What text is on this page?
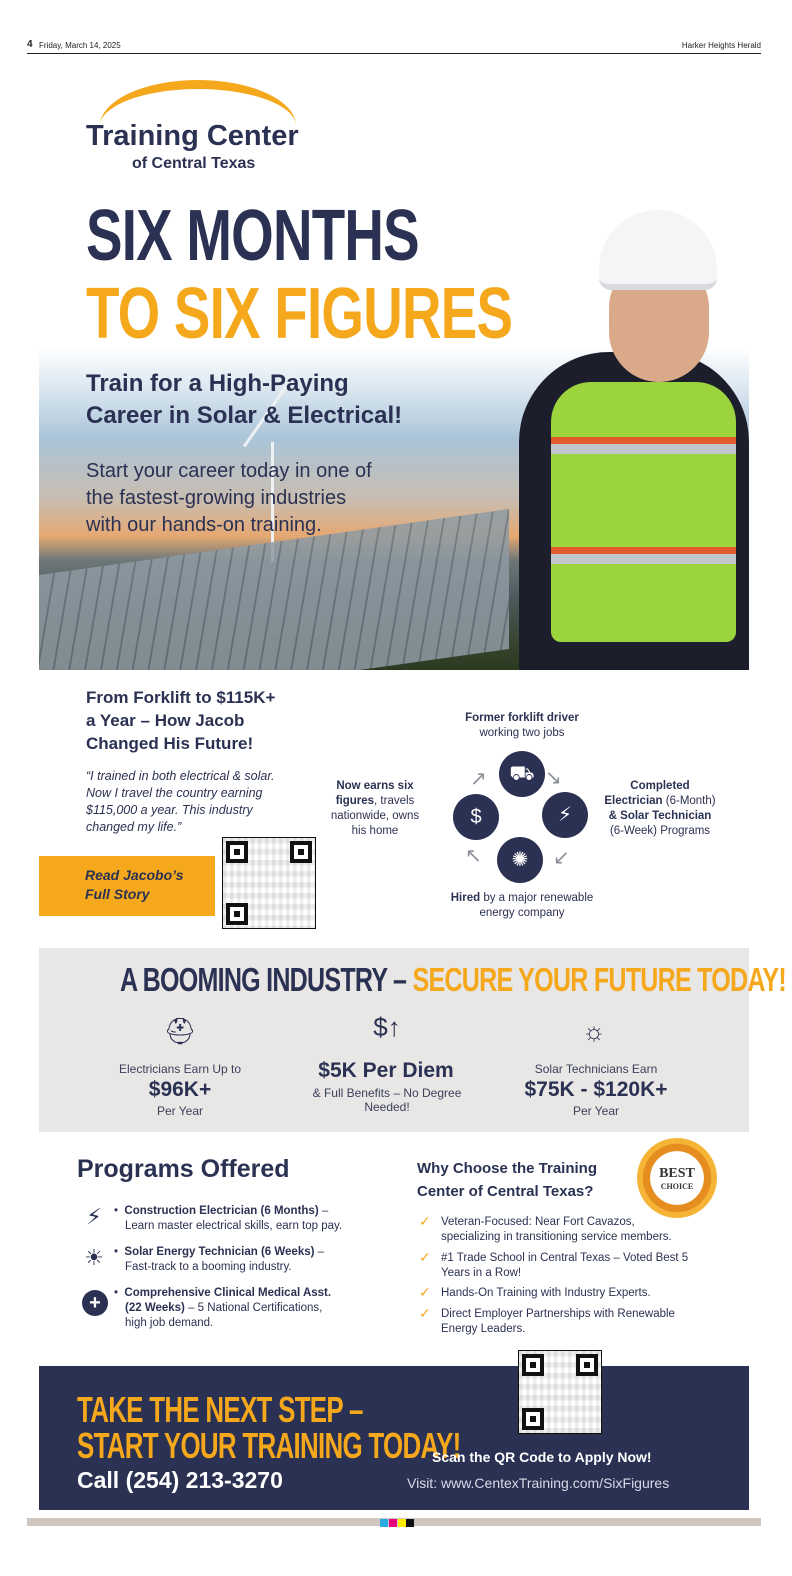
4 Friday, March 14, 2025	Harker Heights Herald
Training Center
of Central Texas
SIX MONTHS
TO SIX FIGURES
Train for a High-Paying
Career in Solar & Electrical!
Start your career today in one of
the fastest-growing industries
with our hands-on training.
From Forklift to $115K+
a Year – How Jacob
Changed His Future!
“I trained in both electrical & solar.
Now I travel the country earning
$115,000 a year. This industry
changed my life.”
Read Jacobo’s
Full Story
Former forklift driver
working two jobs
⛟
⚡
✺
$
↘
↙
↖
↗	Completed
Electrician (6-Month)
& Solar Technician
(6-Week) Programs
Hired by a major renewable
energy company
Now earns six
figures, travels
nationwide, owns
his home
A BOOMING INDUSTRY – SECURE YOUR FUTURE TODAY!
⛑
Electricians Earn Up to
$96K+
Per Year
$↑
$5K Per Diem
& Full Benefits – No Degree Needed!
☼
Solar Technicians Earn
$75K - $120K+
Per Year
Programs Offered
⚡	•  Construction Electrician (6 Months) –
Learn master electrical skills, earn top pay.
☀ •  Solar Energy Technician (6 Weeks) –
Fast-track to a booming industry.
+	•  Comprehensive Clinical Medical Asst.
(22 Weeks) – 5 National Certifications,
high job demand.
Why Choose the Training
Center of Central Texas?
BEST
CHOICE
✓ Veteran-Focused: Near Fort Cavazos,
specializing in transitioning service members.
✓ #1 Trade School in Central Texas – Voted Best 5
Years in a Row!
✓ Hands-On Training with Industry Experts.
✓ Direct Employer Partnerships with Renewable
Energy Leaders.
TAKE THE NEXT STEP –
START YOUR TRAINING TODAY!
Call (254) 213-3270
Scan the QR Code to Apply Now!
Visit: www.CentexTraining.com/SixFigures
